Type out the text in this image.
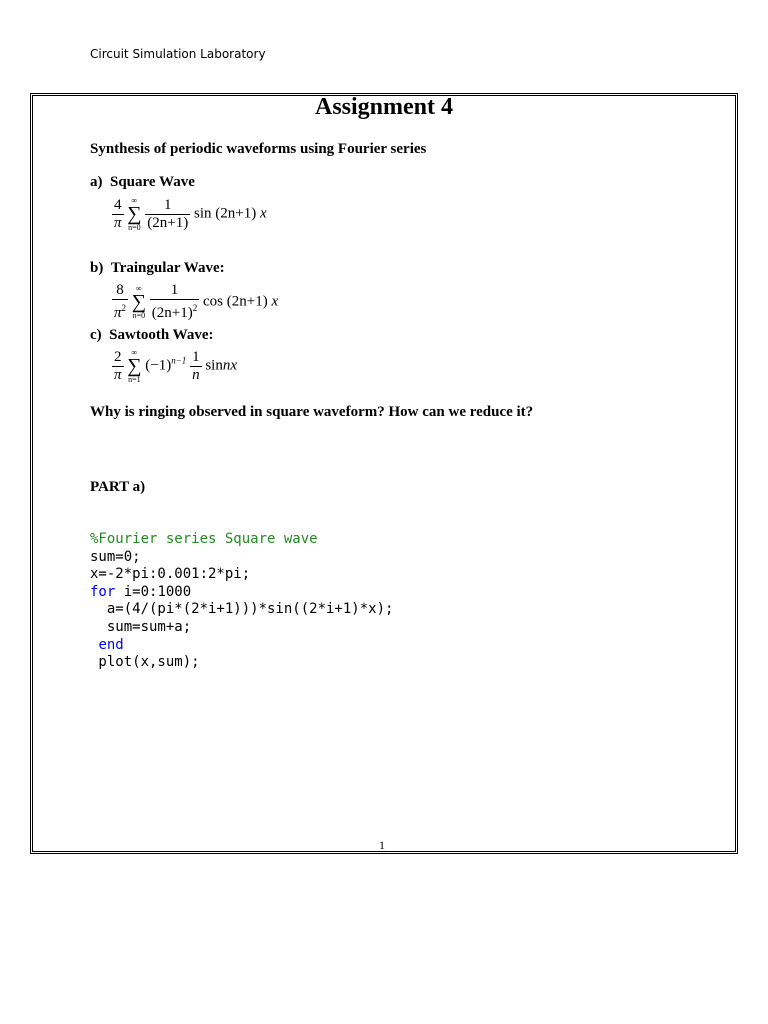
Circuit Simulation Laboratory
Assignment 4
Synthesis of periodic waveforms using Fourier series
a) Square Wave
$\frac{4}{\pi}$
	∞
∑
n=0
$\frac{1}{(2n+1)}$ sin (2n+1) x
b) Traingular Wave:
$\frac{8}{\pi^2}$
	∞
∑
n=0
$\frac{1}{(2n+1)^2}$ cos (2n+1) x
c) Sawtooth Wave:
$\frac{2}{\pi}$
	∞
∑
n=1
$(-1)^{n-1} \frac{1}{n}$ sinnx
Why is ringing observed in square waveform? How can we reduce it?
PART a)
%Fourier series Square wave
sum=0;
x=-2*pi:0.001:2*pi;
for i=0:1000
a=(4/(pi*(2*i+1)))*sin((2*i+1)*x);
sum=sum+a;
end
plot(x,sum);
1
